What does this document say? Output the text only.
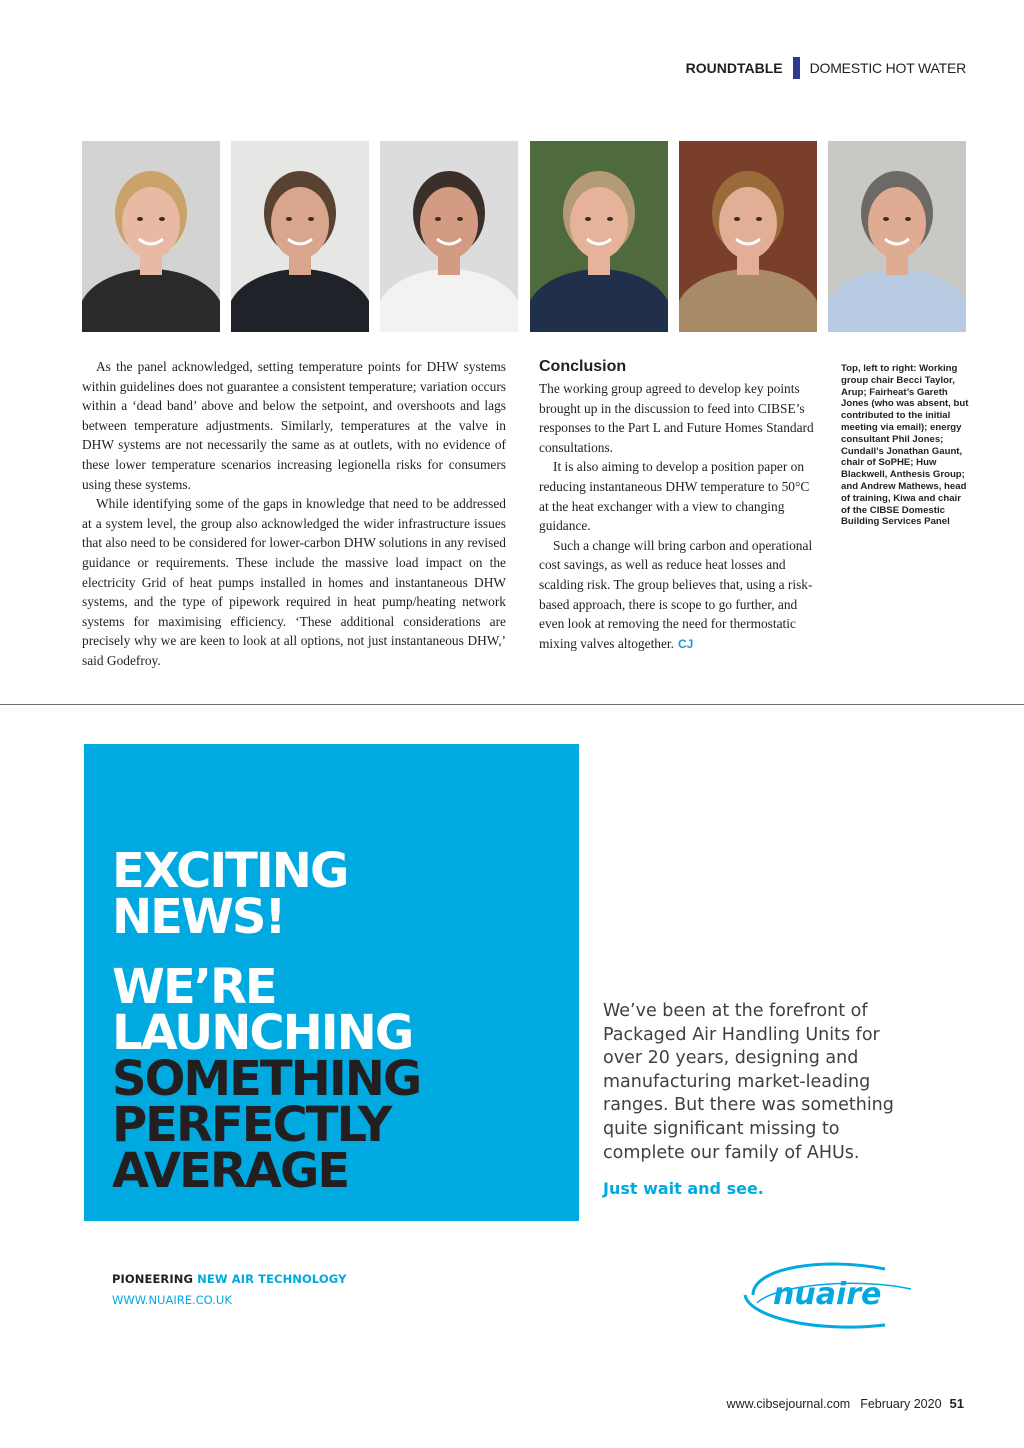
ROUNDTABLE DOMESTIC HOT WATER

As the panel acknowledged, setting temperature points for DHW systems within guidelines does not guarantee a consistent temperature; variation occurs within a ‘dead band’ above and below the setpoint, and overshoots and lags between temperature adjustments. Similarly, temperatures at the valve in DHW systems are not necessarily the same as at outlets, with no evidence of these lower temperature scenarios increasing legionella risks for consumers using these systems.

While identifying some of the gaps in knowledge that need to be addressed at a system level, the group also acknowledged the wider infrastructure issues that also need to be considered for lower-carbon DHW solutions in any revised guidance or requirements. These include the massive load impact on the electricity Grid of heat pumps installed in homes and instantaneous DHW systems, and the type of pipework required in heat pump/heating network systems for maximising efficiency. ‘These additional considerations are precisely why we are keen to look at all options, not just instantaneous DHW,’ said Godefroy.

Conclusion

The working group agreed to develop key points brought up in the discussion to feed into CIBSE’s responses to the Part L and Future Homes Standard consultations.

It is also aiming to develop a position paper on reducing instantaneous DHW temperature to 50°C at the heat exchanger with a view to changing guidance.

Such a change will bring carbon and operational cost savings, as well as reduce heat losses and scalding risk. The group believes that, using a risk-based approach, there is scope to go further, and even look at removing the need for thermostatic mixing valves altogether. CJ

Top, left to right: Working group chair Becci Taylor, Arup; Fairheat’s Gareth Jones (who was absent, but contributed to the initial meeting via email); energy consultant Phil Jones; Cundall’s Jonathan Gaunt, chair of SoPHE; Huw Blackwell, Anthesis Group; and Andrew Mathews, head of training, Kiwa and chair of the CIBSE Domestic Building Services Panel
EXCITING
NEWS!
WE’RE
LAUNCHING
SOMETHING
PERFECTLY
AVERAGE
We’ve been at the forefront of Packaged Air Handling Units for over 20 years, designing and manufacturing market-leading ranges. But there was something quite significant missing to complete our family of AHUs.
Just wait and see.
PIONEERING NEW AIR TECHNOLOGY
WWW.NUAIRE.CO.UK	nuaire
www.cibsejournal.com February 2020 51
